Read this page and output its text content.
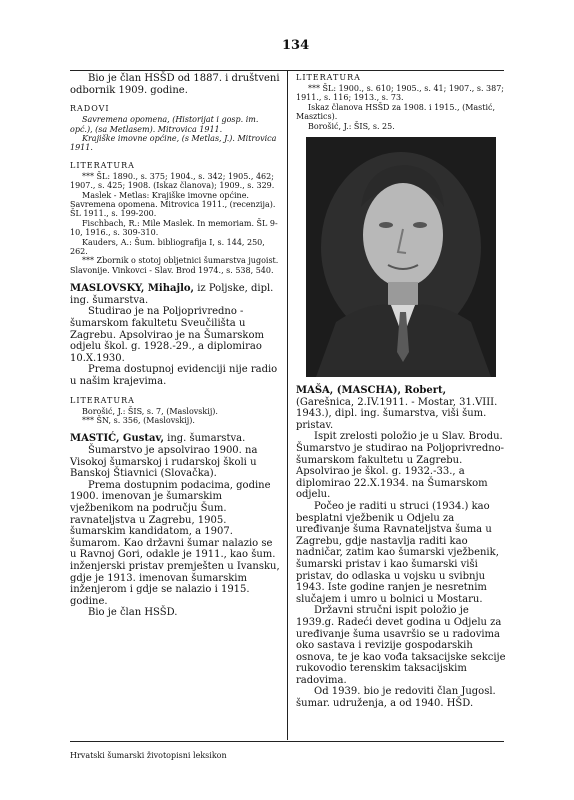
134

Bio je član HSŠD od 1887. i društveni odbornik 1909. godine.

RADOVI

Savremena opomena, (Historijat i gosp. im. opć.), (sa Metlasem). Mitrovica 1911.

Krajiške imovne općine, (s Metlas, J.). Mitrovica 1911.

LITERATURA

*** ŠL: 1890., s. 375; 1904., s. 342; 1905., 462; 1907., s. 425; 1908. (Iskaz članova); 1909., s. 329.

Maslek - Metlas: Krajiške imovne općine. Savremena opomena. Mitrovica 1911., (recenzija). ŠL 1911., s. 199-200.

Fischbach, R.: Mile Maslek. In memoriam. ŠL 9-10, 1916., s. 309-310.

Kauders, A.: Šum. bibliografija I, s. 144, 250, 262.

*** Zbornik o stotoj obljetnici šumarstva jugoist. Slavonije. Vinkovci - Slav. Brod 1974., s. 538, 540.

MASLOVSKY, Mihajlo, iz Poljske, dipl. ing. šumarstva.

Studirao je na Poljoprivredno - šumarskom fakultetu Sveučilišta u Zagrebu. Apsolvirao je na Šumarskom odjelu škol. g. 1928.-29., a diplomirao 10.X.1930.

Prema dostupnoj evidenciji nije radio u našim krajevima.

LITERATURA

Borošić, J.: ŠIS, s. 7, (Maslovskij).

*** ŠN, s. 356, (Maslovskij).

MASTIĆ, Gustav, ing. šumarstva.

Šumarstvo je apsolvirao 1900. na Visokoj šumarskoj i rudarskoj školi u Banskoj Štiavnici (Slovačka).

Prema dostupnim podacima, godine 1900. imenovan je šumarskim vježbenikom na području Šum. ravnateljstva u Zagrebu, 1905. šumarskim kandidatom, a 1907. šumarom. Kao državni šumar nalazio se u Ravnoj Gori, odakle je 1911., kao šum. inženjerski pristav premješten u Ivansku, gdje je 1913. imenovan šumarskim inženjerom i gdje se nalazio i 1915. godine.

Bio je član HSŠD.

LITERATURA

*** ŠL: 1900., s. 610; 1905., s. 41; 1907., s. 387; 1911., s. 116; 1913., s. 73.

Iskaz članova HSŠD za 1908. i 1915., (Mastić, Masztics).

Borošić, J.: ŠIS, s. 25.

MAŠA, (MASCHA), Robert, (Garešnica, 2.IV.1911. - Mostar, 31.VIII. 1943.), dipl. ing. šumarstva, viši šum. pristav.

Ispit zrelosti položio je u Slav. Brodu. Šumarstvo je studirao na Poljoprivredno-šumarskom fakultetu u Zagrebu. Apsolvirao je škol. g. 1932.-33., a diplomirao 22.X.1934. na Šumarskom odjelu.

Počeo je raditi u struci (1934.) kao besplatni vježbenik u Odjelu za uređivanje šuma Ravnateljstva šuma u Zagrebu, gdje nastavlja raditi kao nadničar, zatim kao šumarski vježbenik, šumarski pristav i kao šumarski viši pristav, do odlaska u vojsku u svibnju 1943. Iste godine ranjen je nesretnim slučajem i umro u bolnici u Mostaru.

Državni stručni ispit položio je 1939.g. Radeći devet godina u Odjelu za uređivanje šuma usavršio se u radovima oko sastava i revizije gospodarskih osnova, te je kao vođa taksacijske sekcije rukovodio terenskim taksacijskim radovima.

Od 1939. bio je redoviti član Jugosl. šumar. udruženja, a od 1940. HŠD.

Hrvatski šumarski životopisni leksikon
